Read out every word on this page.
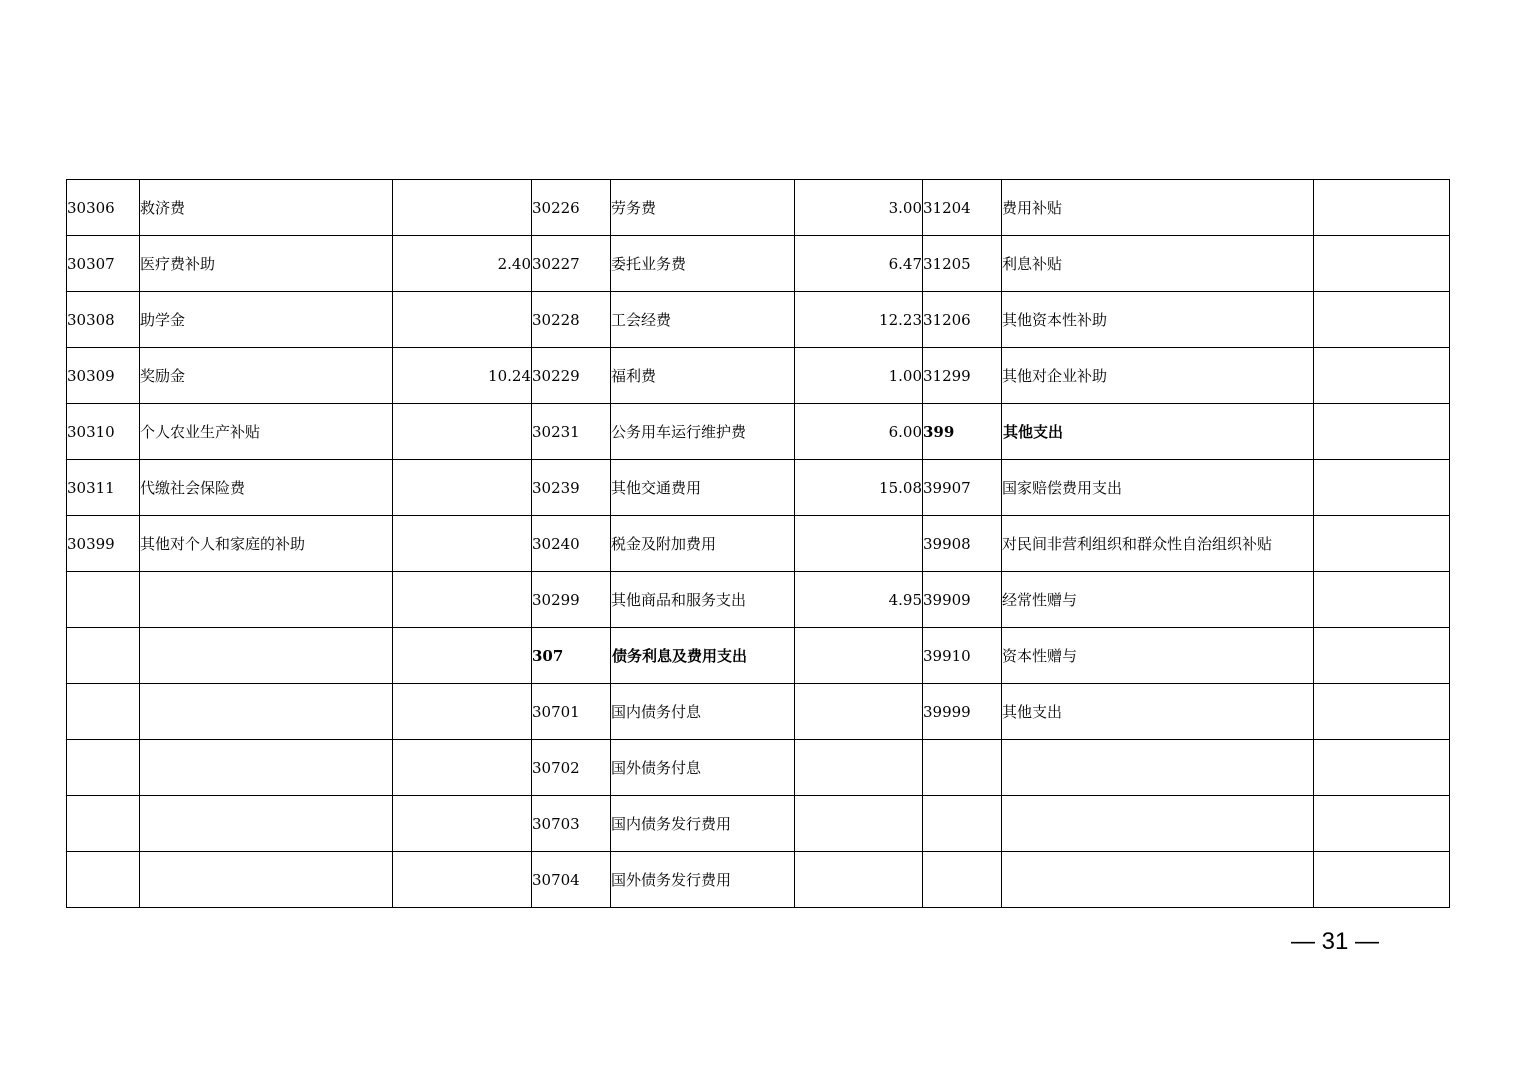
30306	救济费		30226	劳务费	3.00	31204	费用补贴	
30307	医疗费补助	2.40	30227	委托业务费	6.47	31205	利息补贴	
30308	助学金		30228	工会经费	12.23	31206	其他资本性补助	
30309	奖励金	10.24	30229	福利费	1.00	31299	其他对企业补助	
30310	个人农业生产补贴		30231	公务用车运行维护费	6.00	399	其他支出	
30311	代缴社会保险费		30239	其他交通费用	15.08	39907	国家赔偿费用支出	
30399	其他对个人和家庭的补助		30240	税金及附加费用		39908	对民间非营利组织和群众性自治组织补贴	
			30299	其他商品和服务支出	4.95	39909	经常性赠与	
			307	债务利息及费用支出		39910	资本性赠与	
			30701	国内债务付息		39999	其他支出	
			30702	国外债务付息				
			30703	国内债务发行费用				
			30704	国外债务发行费用				
— 31 —
